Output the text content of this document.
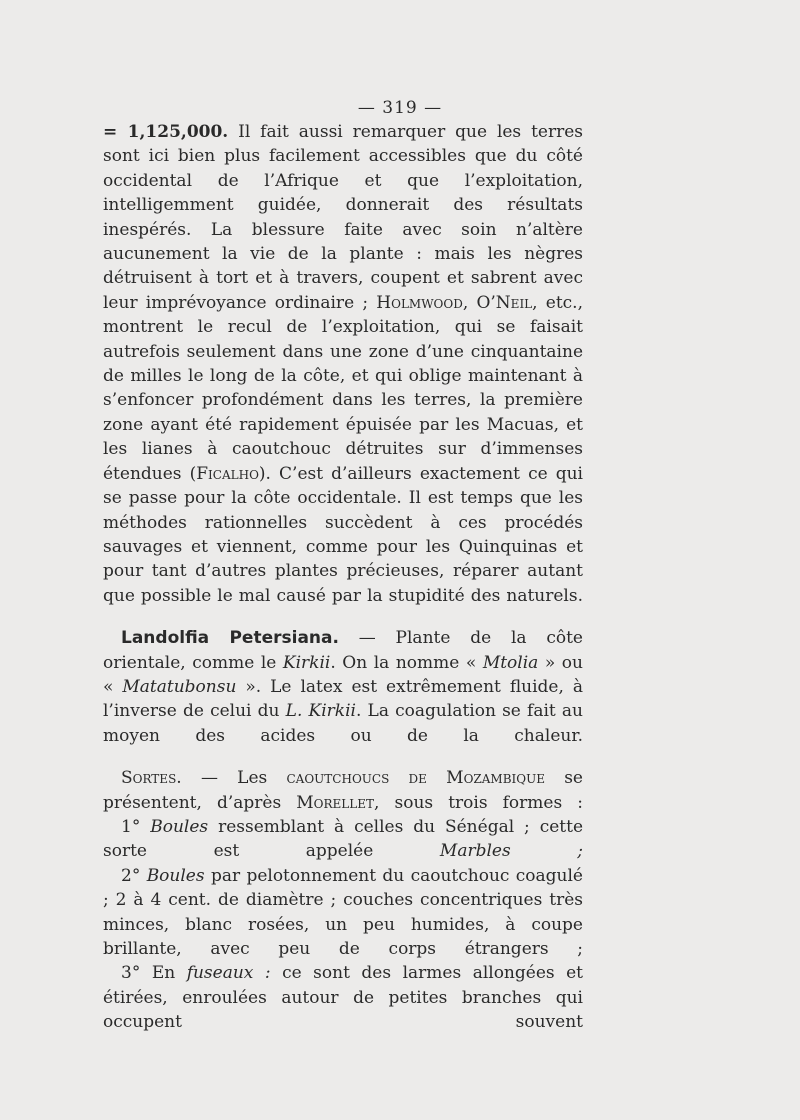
— 319 —

= 1,125,000. Il fait aussi remarquer que les terres sont ici bien plus facilement accessibles que du côté occidental de l’Afrique et que l’exploitation, intelligemment guidée, donnerait des résultats inespérés. La blessure faite avec soin n’altère aucunement la vie de la plante : mais les nègres détruisent à tort et à travers, coupent et sabrent avec leur imprévoyance ordinaire ; Holmwood, O’Neil, etc., montrent le recul de l’exploitation, qui se faisait autrefois seulement dans une zone d’une cinquantaine de milles le long de la côte, et qui oblige maintenant à s’enfoncer profondément dans les terres, la première zone ayant été rapidement épuisée par les Macuas, et les lianes à caoutchouc détruites sur d’immenses étendues (Ficalho). C’est d’ailleurs exactement ce qui se passe pour la côte occidentale. Il est temps que les méthodes rationnelles succèdent à ces procédés sauvages et viennent, comme pour les Quinquinas et pour tant d’autres plantes précieuses, réparer autant que possible le mal causé par la stupidité des naturels.

Landolfia Petersiana. — Plante de la côte orientale, comme le Kirkii. On la nomme « Mtolia » ou « Matatubonsu ». Le latex est extrêmement fluide, à l’inverse de celui du L. Kirkii. La coagulation se fait au moyen des acides ou de la chaleur.

Sortes. — Les caoutchoucs de Mozambique se présentent, d’après Morellet, sous trois formes :

1° Boules ressemblant à celles du Sénégal ; cette sorte est appelée Marbles ;

2° Boules par pelotonnement du caoutchouc coagulé ; 2 à 4 cent. de diamètre ; couches concentriques très minces, blanc rosées, un peu humides, à coupe brillante, avec peu de corps étrangers ;

3° En fuseaux : ce sont des larmes allongées et étirées, enroulées autour de petites branches qui occupent souvent
